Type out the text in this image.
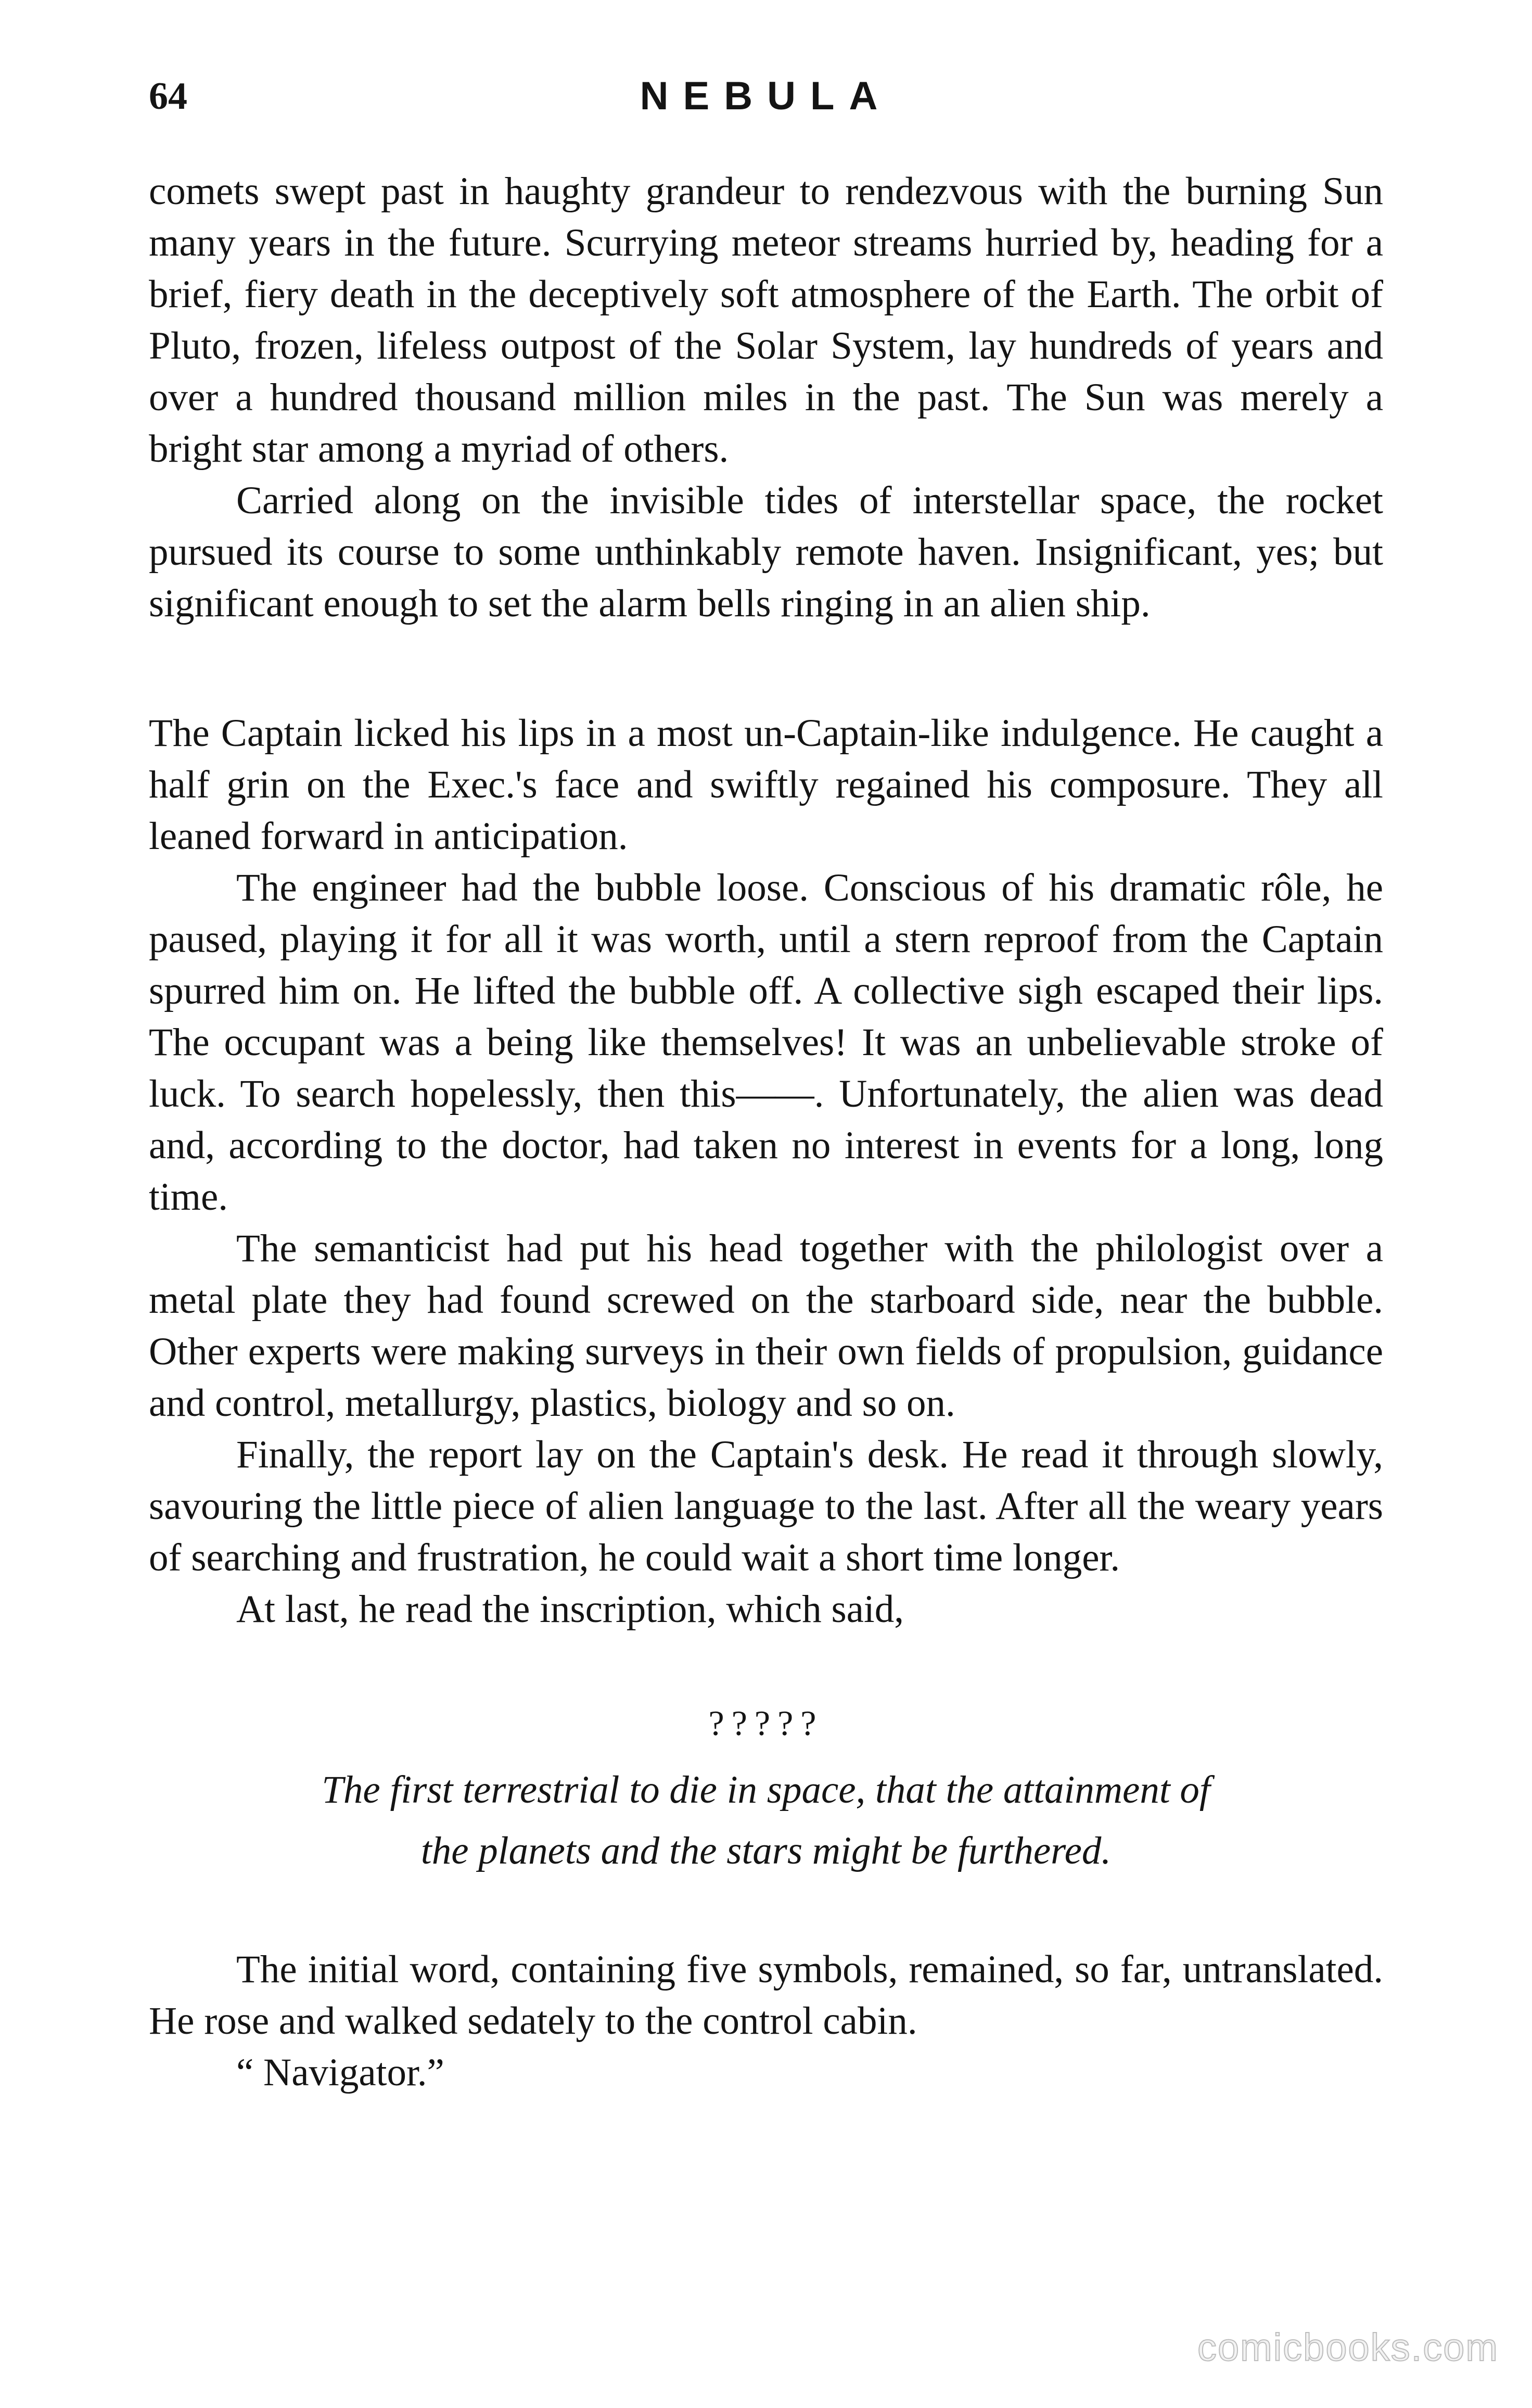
64	NEBULA

comets swept past in haughty grandeur to rendezvous with the burning Sun many years in the future. Scurrying meteor streams hurried by, heading for a brief, fiery death in the deceptively soft atmosphere of the Earth. The orbit of Pluto, frozen, lifeless outpost of the Solar System, lay hundreds of years and over a hundred thousand million miles in the past. The Sun was merely a bright star among a myriad of others.

Carried along on the invisible tides of interstellar space, the rocket pursued its course to some unthinkably remote haven. Insignificant, yes; but significant enough to set the alarm bells ringing in an alien ship.

The Captain licked his lips in a most un-Captain-like indulgence. He caught a half grin on the Exec.'s face and swiftly regained his composure. They all leaned forward in anticipation.

The engineer had the bubble loose. Conscious of his dramatic rôle, he paused, playing it for all it was worth, until a stern reproof from the Captain spurred him on. He lifted the bubble off. A collective sigh escaped their lips. The occupant was a being like themselves! It was an unbelievable stroke of luck. To search hopelessly, then this——. Unfortunately, the alien was dead and, according to the doctor, had taken no interest in events for a long, long time.

The semanticist had put his head together with the philologist over a metal plate they had found screwed on the starboard side, near the bubble. Other experts were making surveys in their own fields of propulsion, guidance and control, metallurgy, plastics, biology and so on.

Finally, the report lay on the Captain's desk. He read it through slowly, savouring the little piece of alien language to the last. After all the weary years of searching and frustration, he could wait a short time longer.

At last, he read the inscription, which said,

?????

The first terrestrial to die in space, that the attainment of
the planets and the stars might be furthered.

The initial word, containing five symbols, remained, so far, untranslated. He rose and walked sedately to the control cabin.

“ Navigator.”

comicbooks.com
